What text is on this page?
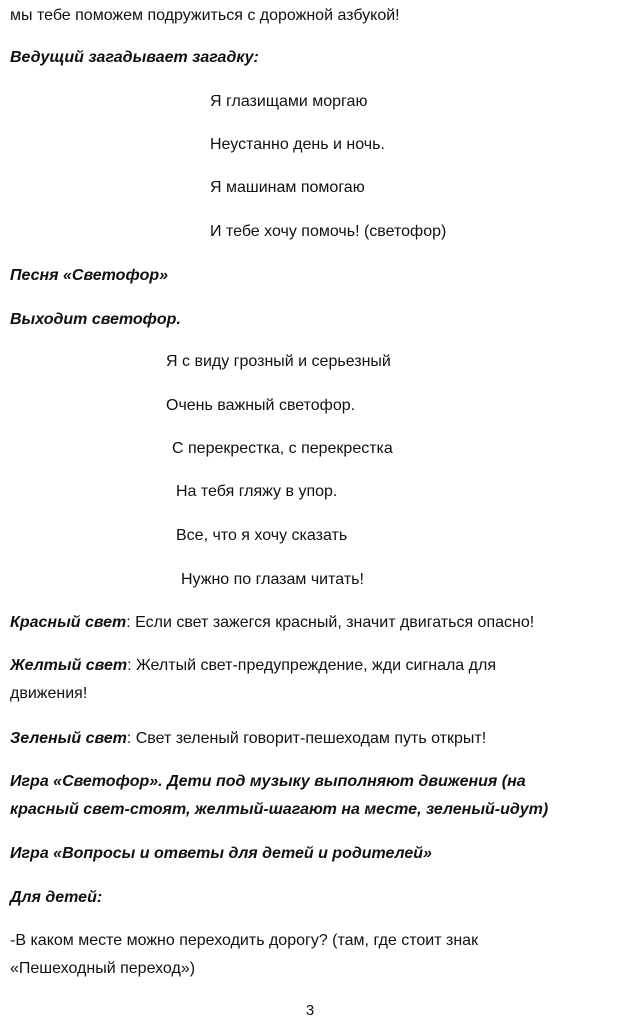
мы тебе поможем подружиться с дорожной азбукой!
Ведущий загадывает загадку:
Я глазищами моргаю
Неустанно день и ночь.
Я машинам помогаю
И тебе хочу помочь! (светофор)
Песня «Светофор»
Выходит светофор.
Я с виду грозный и серьезный
Очень важный светофор.
С перекрестка, с перекрестка
На тебя гляжу в упор.
Все, что я хочу сказать
Нужно по глазам читать!
Красный свет: Если свет зажегся красный, значит двигаться опасно!
Желтый свет: Желтый свет-предупреждение, жди сигнала для
движения!
Зеленый свет: Свет зеленый говорит-пешеходам путь открыт!
Игра «Светофор». Дети под музыку выполняют движения (на
красный свет-стоят, желтый-шагают на месте, зеленый-идут)
Игра «Вопросы и ответы для детей и родителей»
Для детей:
-В каком месте можно переходить дорогу? (там, где стоит знак
«Пешеходный переход»)
3
